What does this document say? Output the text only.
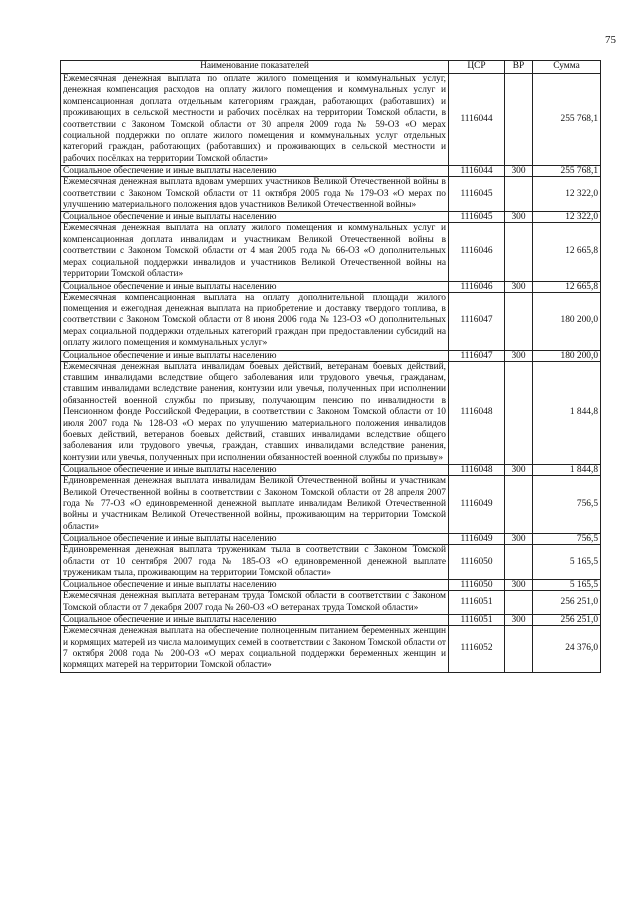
75
Наименование показателей	ЦСР	ВР	Сумма
Ежемесячная денежная выплата по оплате жилого помещения и коммунальных услуг, денежная компенсация расходов на оплату жилого помещения и коммунальных услуг и компенсационная доплата отдельным категориям граждан, работающих (работавших) и проживающих в сельской местности и рабочих посёлках на территории Томской области, в соответствии с Законом Томской области от 30 апреля 2009 года № 59-ОЗ «О мерах социальной поддержки по оплате жилого помещения и коммунальных услуг отдельных категорий граждан, работающих (работавших) и проживающих в сельской местности и рабочих посёлках на территории Томской области»	1116044		255 768,1
Социальное обеспечение и иные выплаты населению	1116044	300	255 768,1
Ежемесячная денежная выплата вдовам умерших участников Великой Отечественной войны в соответствии с Законом Томской области от 11 октября 2005 года № 179-ОЗ «О мерах по улучшению материального положения вдов участников Великой Отечественной войны»	1116045		12 322,0
Социальное обеспечение и иные выплаты населению	1116045	300	12 322,0
Ежемесячная денежная выплата на оплату жилого помещения и коммунальных услуг и компенсационная доплата инвалидам и участникам Великой Отечественной войны в соответствии с Законом Томской области от 4 мая 2005 года № 66-ОЗ «О дополнительных мерах социальной поддержки инвалидов и участников Великой Отечественной войны на территории Томской области»	1116046		12 665,8
Социальное обеспечение и иные выплаты населению	1116046	300	12 665,8
Ежемесячная компенсационная выплата на оплату дополнительной площади жилого помещения и ежегодная денежная выплата на приобретение и доставку твердого топлива, в соответствии с Законом Томской области от 8 июня 2006 года № 123-ОЗ «О дополнительных мерах социальной поддержки отдельных категорий граждан при предоставлении субсидий на оплату жилого помещения и коммунальных услуг»	1116047		180 200,0
Социальное обеспечение и иные выплаты населению	1116047	300	180 200,0
Ежемесячная денежная выплата инвалидам боевых действий, ветеранам боевых действий, ставшим инвалидами вследствие общего заболевания или трудового увечья, гражданам, ставшим инвалидами вследствие ранения, контузии или увечья, полученных при исполнении обязанностей военной службы по призыву, получающим пенсию по инвалидности в Пенсионном фонде Российской Федерации, в соответствии с Законом Томской области от 10 июля 2007 года № 128-ОЗ «О мерах по улучшению материального положения инвалидов боевых действий, ветеранов боевых действий, ставших инвалидами вследствие общего заболевания или трудового увечья, граждан, ставших инвалидами вследствие ранения, контузии или увечья, полученных при исполнении обязанностей военной службы по призыву»	1116048		1 844,8
Социальное обеспечение и иные выплаты населению	1116048	300	1 844,8
Единовременная денежная выплата инвалидам Великой Отечественной войны и участникам Великой Отечественной войны в соответствии с Законом Томской области от 28 апреля 2007 года № 77-ОЗ «О единовременной денежной выплате инвалидам Великой Отечественной войны и участникам Великой Отечественной войны, проживающим на территории Томской области»	1116049		756,5
Социальное обеспечение и иные выплаты населению	1116049	300	756,5
Единовременная денежная выплата труженикам тыла в соответствии с Законом Томской области от 10 сентября 2007 года № 185-ОЗ «О единовременной денежной выплате труженикам тыла, проживающим на территории Томской области»	1116050		5 165,5
Социальное обеспечение и иные выплаты населению	1116050	300	5 165,5
Ежемесячная денежная выплата ветеранам труда Томской области в соответствии с Законом Томской области от 7 декабря 2007 года № 260-ОЗ «О ветеранах труда Томской области»	1116051		256 251,0
Социальное обеспечение и иные выплаты населению	1116051	300	256 251,0
Ежемесячная денежная выплата на обеспечение полноценным питанием беременных женщин и кормящих матерей из числа малоимущих семей в соответствии с Законом Томской области от 7 октября 2008 года № 200-ОЗ «О мерах социальной поддержки беременных женщин и кормящих матерей на территории Томской области»	1116052		24 376,0
